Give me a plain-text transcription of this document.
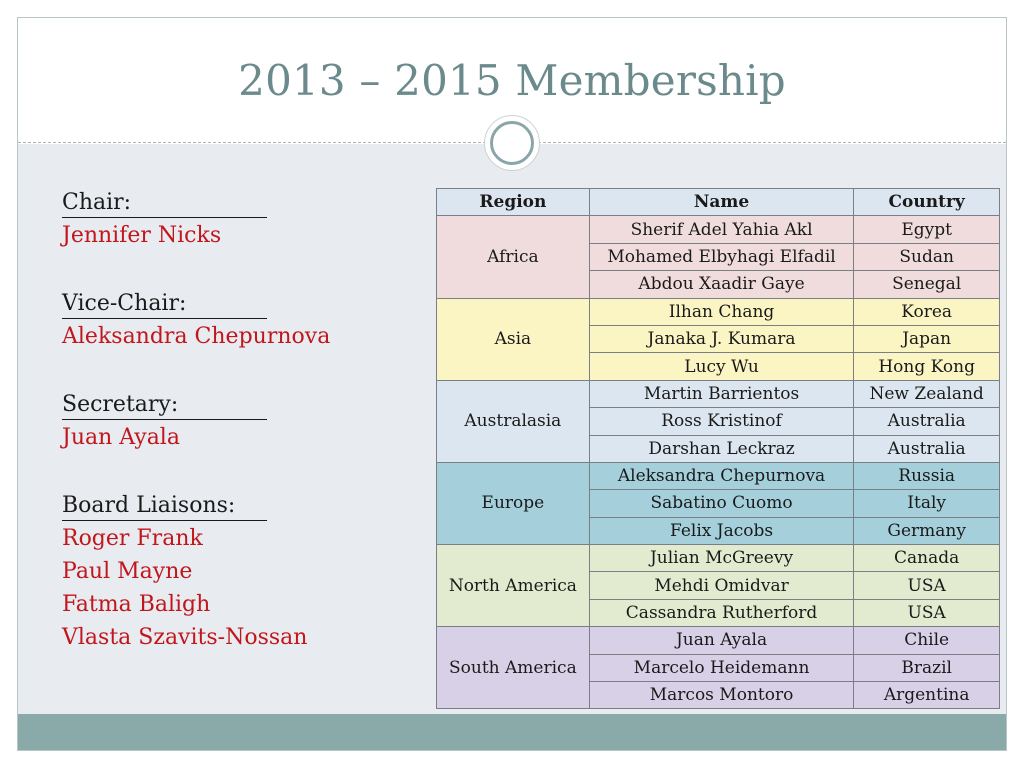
2013 – 2015 Membership
Chair:
Jennifer Nicks
Vice-Chair:
Aleksandra Chepurnova
Secretary:
Juan Ayala
Board Liaisons:
Roger Frank
Paul Mayne
Fatma Baligh
Vlasta Szavits-Nossan
Region	Name	Country
Africa	Sherif Adel Yahia Akl	Egypt
	Mohamed Elbyhagi Elfadil	Sudan
	Abdou Xaadir Gaye	Senegal
Asia	Ilhan Chang	Korea
	Janaka J. Kumara	Japan
	Lucy Wu	Hong Kong
Australasia	Martin Barrientos	New Zealand
	Ross Kristinof	Australia
	Darshan Leckraz	Australia
Europe	Aleksandra Chepurnova	Russia
	Sabatino Cuomo	Italy
	Felix Jacobs	Germany
North America	Julian McGreevy	Canada
	Mehdi Omidvar	USA
	Cassandra Rutherford	USA
South America	Juan Ayala	Chile
	Marcelo Heidemann	Brazil
	Marcos Montoro	Argentina
